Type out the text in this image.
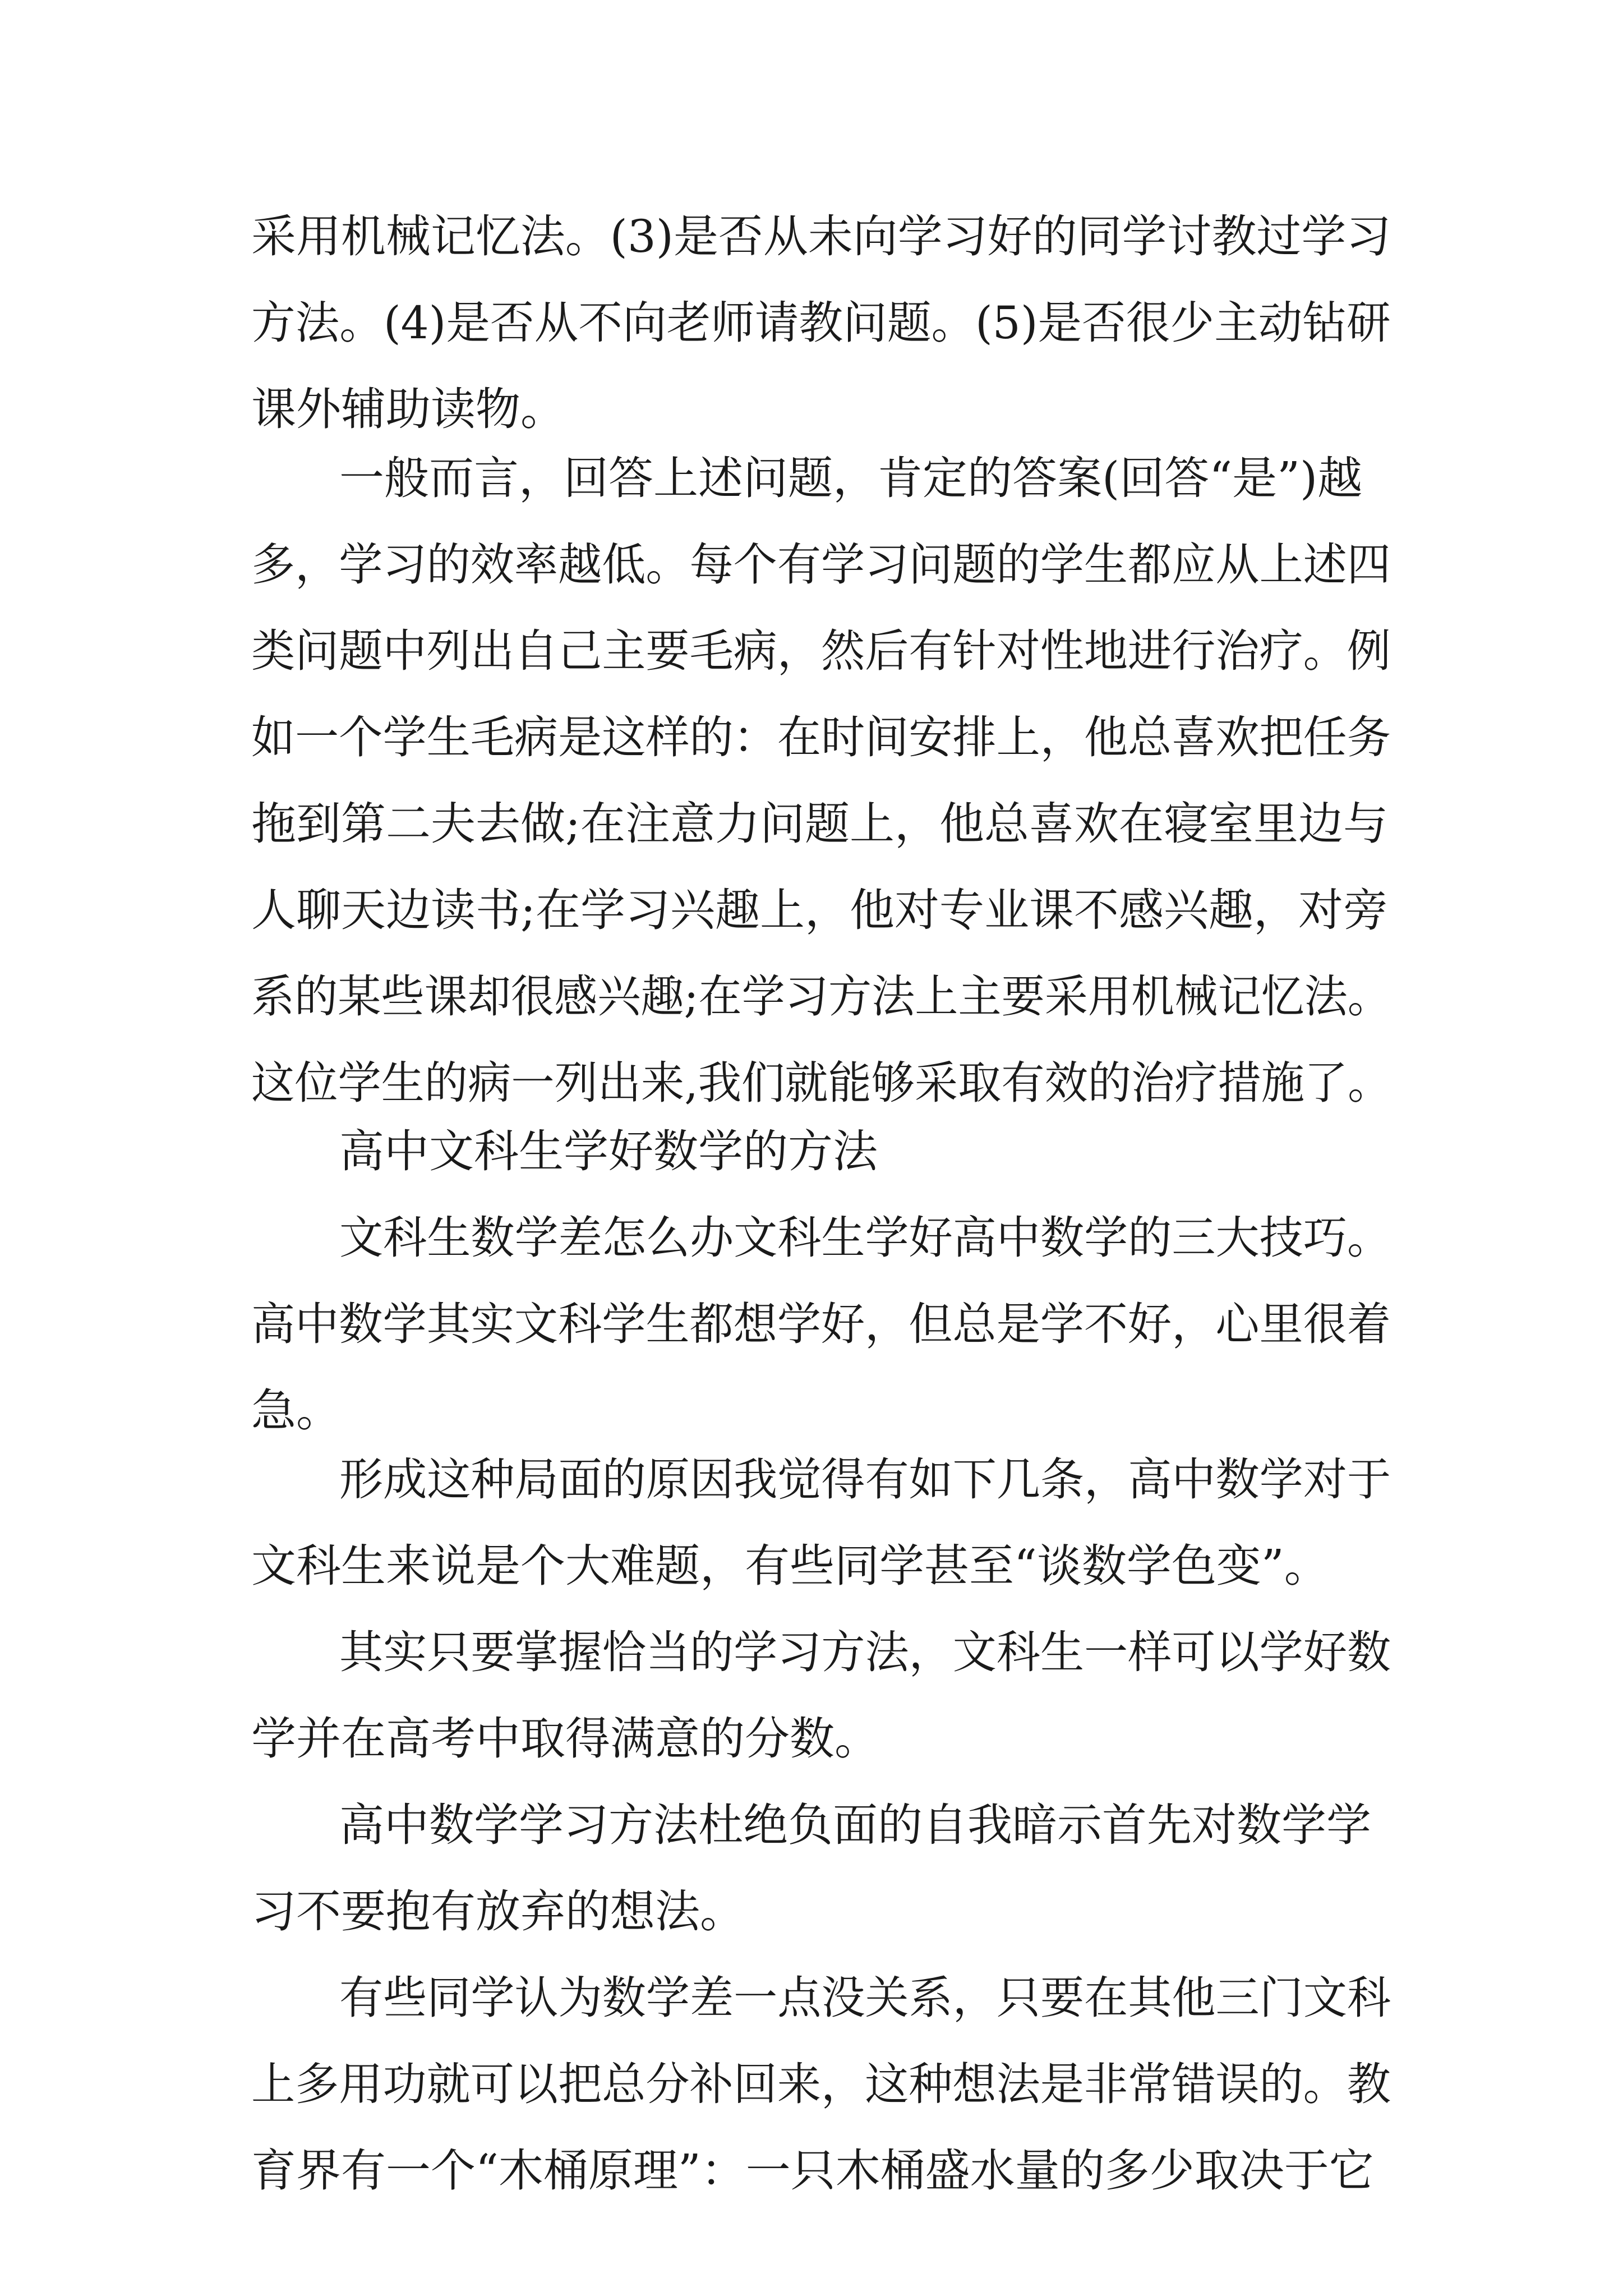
采用机械记忆法。(3)是否从未向学习好的同学讨教过学习
方法。(4)是否从不向老师请教问题。(5)是否很少主动钻研
课外辅助读物。
一般而言，回答上述问题，肯定的答案(回答“是”)越
多，学习的效率越低。每个有学习问题的学生都应从上述四
类问题中列出自己主要毛病，然后有针对性地进行治疗。例
如一个学生毛病是这样的：在时间安排上，他总喜欢把任务
拖到第二夫去做;在注意力问题上，他总喜欢在寝室里边与
人聊天边读书;在学习兴趣上，他对专业课不感兴趣，对旁
系的某些课却很感兴趣;在学习方法上主要采用机械记忆法。
这位学生的病一列出来,我们就能够采取有效的治疗措施了。
高中文科生学好数学的方法
文科生数学差怎么办文科生学好高中数学的三大技巧。
高中数学其实文科学生都想学好，但总是学不好，心里很着
急。
形成这种局面的原因我觉得有如下几条，高中数学对于
文科生来说是个大难题，有些同学甚至“谈数学色变”。
其实只要掌握恰当的学习方法，文科生一样可以学好数
学并在高考中取得满意的分数。
高中数学学习方法杜绝负面的自我暗示首先对数学学
习不要抱有放弃的想法。
有些同学认为数学差一点没关系，只要在其他三门文科
上多用功就可以把总分补回来，这种想法是非常错误的。教
育界有一个“木桶原理”：一只木桶盛水量的多少取决于它
